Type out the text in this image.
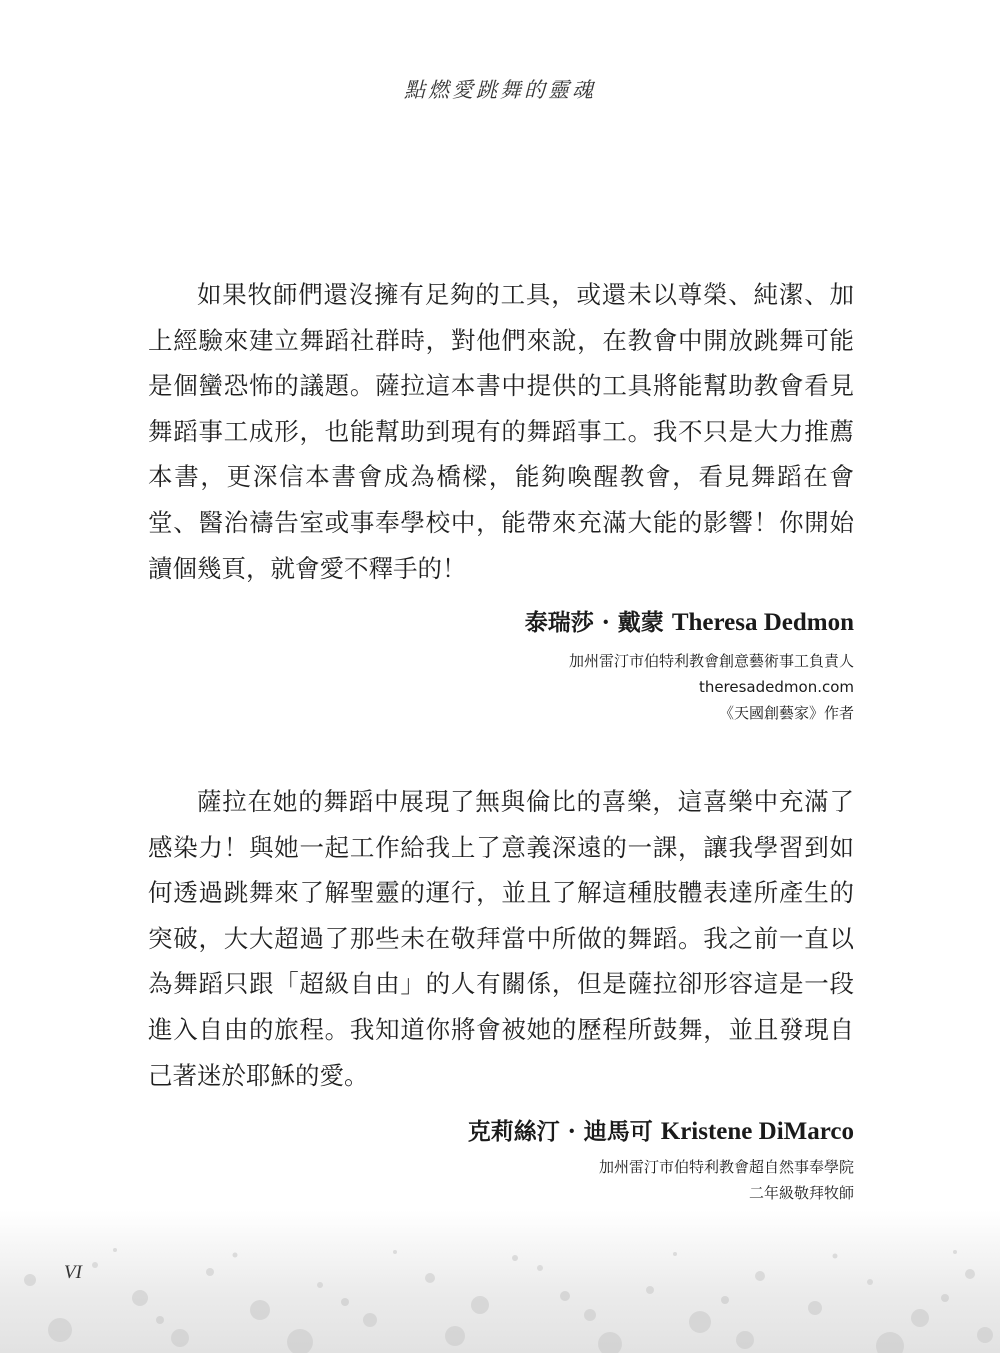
點燃愛跳舞的靈魂

如果牧師們還沒擁有足夠的工具，或還未以尊榮、純潔、加上經驗來建立舞蹈社群時，對他們來說，在教會中開放跳舞可能是個蠻恐怖的議題。薩拉這本書中提供的工具將能幫助教會看見舞蹈事工成形，也能幫助到現有的舞蹈事工。我不只是大力推薦本書，更深信本書會成為橋樑，能夠喚醒教會，看見舞蹈在會堂、醫治禱告室或事奉學校中，能帶來充滿大能的影響！你開始讀個幾頁，就會愛不釋手的！

泰瑞莎 · 戴蒙 Theresa Dedmon
加州雷汀市伯特利教會創意藝術事工負責人
theresadedmon.com
《天國創藝家》作者

薩拉在她的舞蹈中展現了無與倫比的喜樂，這喜樂中充滿了感染力！與她一起工作給我上了意義深遠的一課，讓我學習到如何透過跳舞來了解聖靈的運行，並且了解這種肢體表達所產生的突破，大大超過了那些未在敬拜當中所做的舞蹈。我之前一直以為舞蹈只跟「超級自由」的人有關係，但是薩拉卻形容這是一段進入自由的旅程。我知道你將會被她的歷程所鼓舞，並且發現自己著迷於耶穌的愛。

克莉絲汀 · 迪馬可 Kristene DiMarco
加州雷汀市伯特利教會超自然事奉學院
二年級敬拜牧師
VI
